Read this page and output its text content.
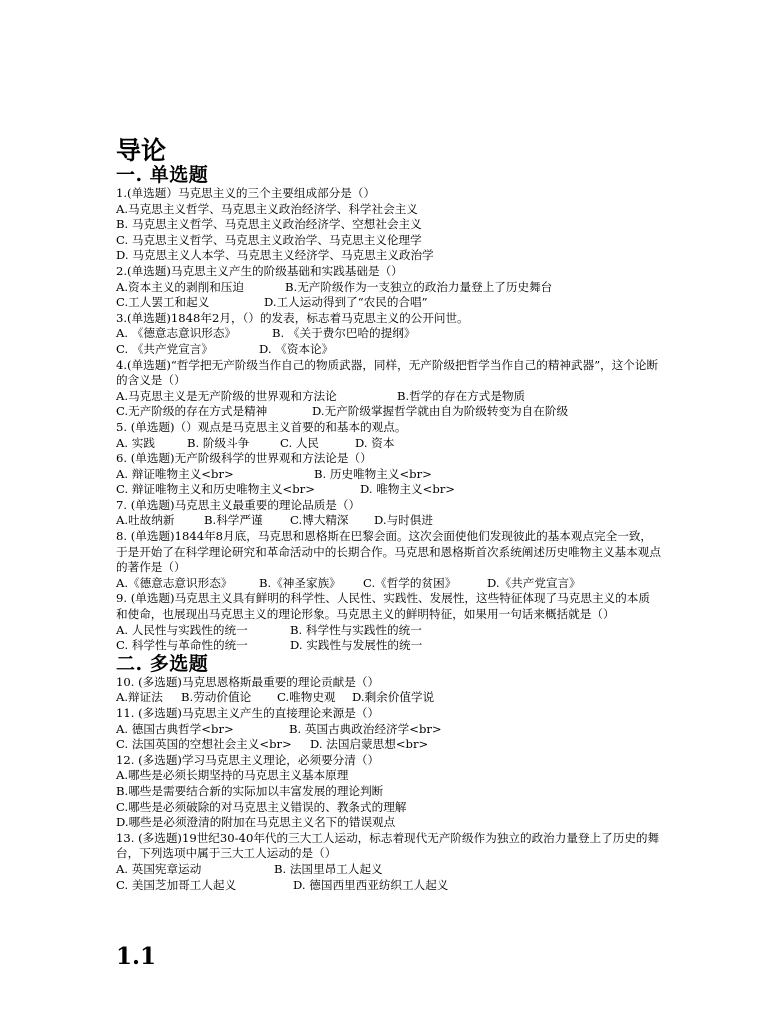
导论
一. 单选题
1.(单选题）马克思主义的三个主要组成部分是（）
A.马克思主义哲学、马克思主义政治经济学、科学社会主义
B. 马克思主义哲学、马克思主义政治经济学、空想社会主义
C. 马克思主义哲学、马克思主义政治学、马克思主义伦理学
D. 马克思主义人本学、马克思主义经济学、马克思主义政治学
2.(单选题)马克思主义产生的阶级基础和实践基础是（）
A.资本主义的剥削和压迫	B.无产阶级作为一支独立的政治力量登上了历史舞台
C.工人罢工和起义	D.工人运动得到了“农民的合唱”
3.(单选题)1848年2月，（）的发表，标志着马克思主义的公开问世。
A. 《德意志意识形态》	B. 《关于费尔巴哈的提纲》
C. 《共产党宣言》	D. 《资本论》
4.(单选题)“哲学把无产阶级当作自己的物质武器，同样，无产阶级把哲学当作自己的精神武器”，这个论断的含义是（）
A.马克思主义是无产阶级的世界观和方法论	B.哲学的存在方式是物质
C.无产阶级的存在方式是精神	D.无产阶级掌握哲学就由自为阶级转变为自在阶级
5. (单选题)（）观点是马克思主义首要的和基本的观点。
A. 实践	B. 阶级斗争	C. 人民	D. 资本
6. (单选题)无产阶级科学的世界观和方法论是（）
A. 辩证唯物主义<br>	B. 历史唯物主义<br>
C. 辩证唯物主义和历史唯物主义<br>	D. 唯物主义<br>
7. (单选题)马克思主义最重要的理论品质是（）
A.吐故纳新	B.科学严谨	C.博大精深	D.与时俱进
8. (单选题)1844年8月底，马克思和恩格斯在巴黎会面。这次会面使他们发现彼此的基本观点完全一致，于是开始了在科学理论研究和革命活动中的长期合作。马克思和恩格斯首次系统阐述历史唯物主义基本观点的著作是（）
A.《德意志意识形态》	B.《神圣家族》	C.《哲学的贫困》	D.《共产党宣言》
9. (单选题)马克思主义具有鲜明的科学性、人民性、实践性、发展性，这些特征体现了马克思主义的本质和使命，也展现出马克思主义的理论形象。马克思主义的鲜明特征，如果用一句话来概括就是（）
A. 人民性与实践性的统一	B. 科学性与实践性的统一
C. 科学性与革命性的统一	D. 实践性与发展性的统一
二. 多选题
10. (多选题)马克思恩格斯最重要的理论贡献是（）
A.辩证法	B.劳动价值论	C.唯物史观	D.剩余价值学说
11. (多选题)马克思主义产生的直接理论来源是（）
A. 德国古典哲学<br>	B. 英国古典政治经济学<br>
C. 法国英国的空想社会主义<br>	D. 法国启蒙思想<br>
12. (多选题)学习马克思主义理论，必须要分清（）
A.哪些是必须长期坚持的马克思主义基本原理
B.哪些是需要结合新的实际加以丰富发展的理论判断
C.哪些是必须破除的对马克思主义错误的、教条式的理解
D.哪些是必须澄清的附加在马克思主义名下的错误观点
13. (多选题)19世纪30-40年代的三大工人运动，标志着现代无产阶级作为独立的政治力量登上了历史的舞台，下列选项中属于三大工人运动的是（）
A. 英国宪章运动	B. 法国里昂工人起义
C. 美国芝加哥工人起义	D. 德国西里西亚纺织工人起义
1.1
